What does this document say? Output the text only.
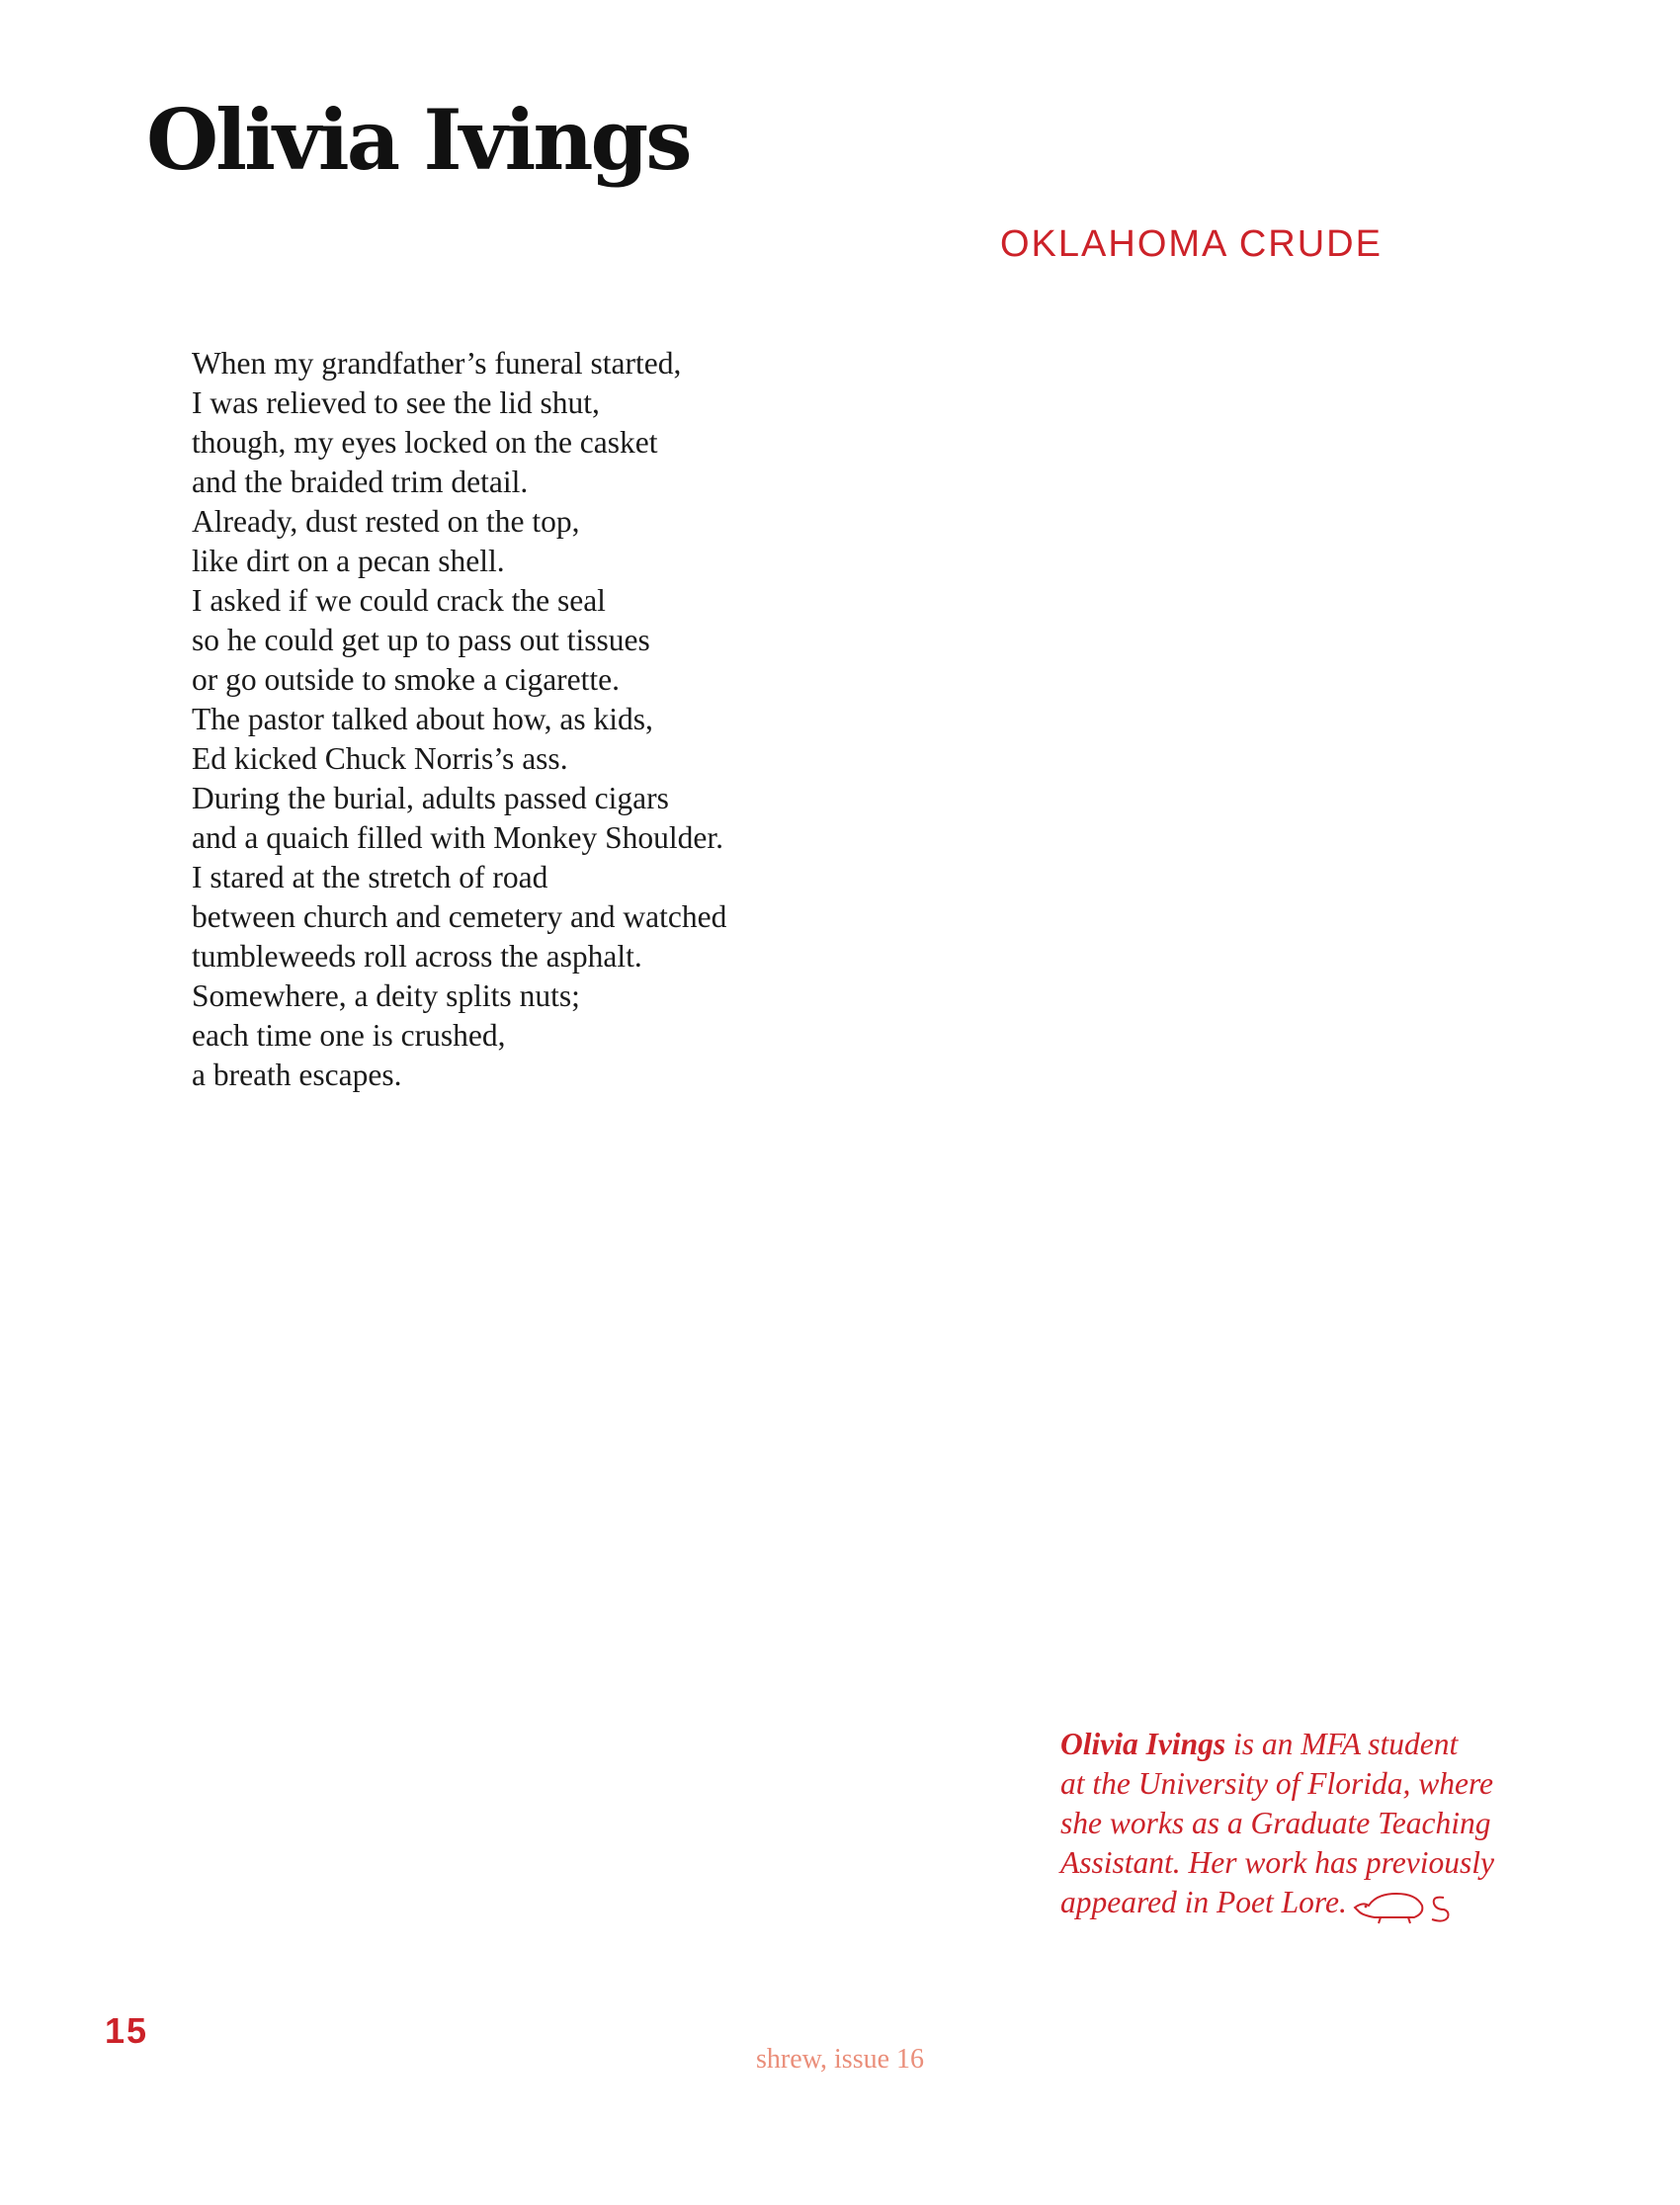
Olivia Ivings
OKLAHOMA CRUDE
When my grandfather’s funeral started,
I was relieved to see the lid shut,
though, my eyes locked on the casket
and the braided trim detail.
Already, dust rested on the top,
like dirt on a pecan shell.
I asked if we could crack the seal
so he could get up to pass out tissues
or go outside to smoke a cigarette.
The pastor talked about how, as kids,
Ed kicked Chuck Norris’s ass.
During the burial, adults passed cigars
and a quaich filled with Monkey Shoulder.
I stared at the stretch of road
between church and cemetery and watched
tumbleweeds roll across the asphalt.
Somewhere, a deity splits nuts;
each time one is crushed,
a breath escapes.
Olivia Ivings is an MFA student
at the University of Florida, where
she works as a Graduate Teaching
Assistant. Her work has previously
appeared in Poet Lore.
15
shrew, issue 16
